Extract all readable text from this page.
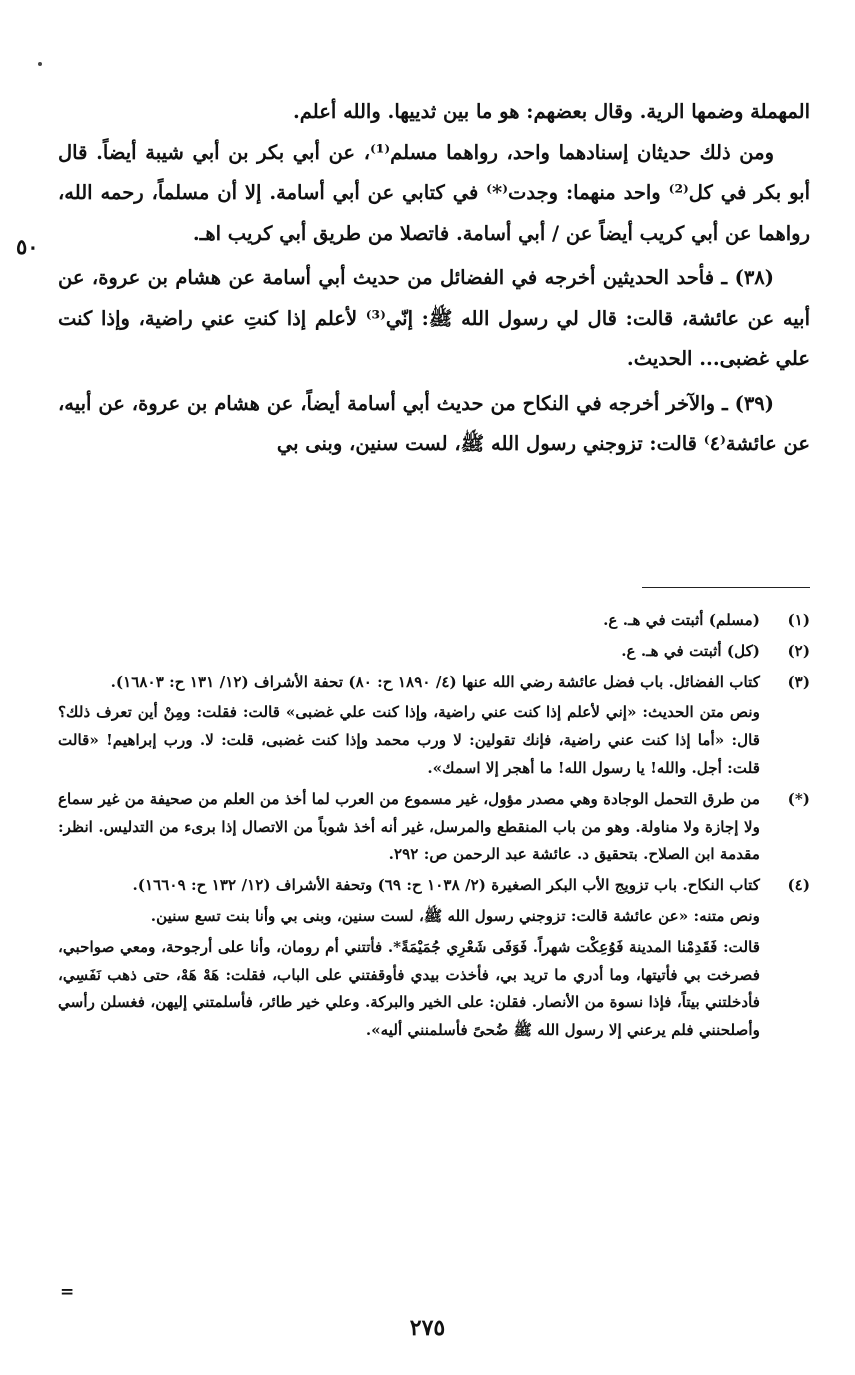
المهملة وضمها الرية. وقال بعضهم: هو ما بين ثدييها. والله أعلم.

ومن ذلك حديثان إسنادهما واحد، رواهما مسلم⁽¹⁾، عن أبي بكر بن أبي شيبة أيضاً. قال أبو بكر في كل⁽²⁾ واحد منهما: وجدت⁽*⁾ في كتابي عن أبي أسامة. إلا أن مسلماً، رحمه الله، رواهما عن أبي كريب أيضاً عن / أبي أسامة. فاتصلا من طريق أبي كريب اهـ.

(٣٨) ـ فأحد الحديثين أخرجه في الفضائل من حديث أبي أسامة عن هشام بن عروة، عن أبيه عن عائشة، قالت: قال لي رسول الله ﷺ: إنّي⁽³⁾ لأعلم إذا كنتِ عني راضية، وإذا كنت علي غضبى... الحديث.

(٣٩) ـ والآخر أخرجه في النكاح من حديث أبي أسامة أيضاً، عن هشام بن عروة، عن أبيه، عن عائشة⁽٤⁾ قالت: تزوجني رسول الله ﷺ، لست سنين، وبنى بي

٥٠
(١)
(مسلم) أثبتت في هـ. ع.
(٢)
(كل) أثبتت في هـ. ع.
(٣)
كتاب الفضائل. باب فضل عائشة رضي الله عنها (٤/ ١٨٩٠ ح: ٨٠) تحفة الأشراف (١٢/ ١٣١ ح: ١٦٨٠٣).
ونص متن الحديث: «إني لأعلم إذا كنت عني راضية، وإذا كنت علي غضبى» قالت: فقلت: ومِنْ أين تعرف ذلك؟ قال: «أما إذا كنت عني راضية، فإنك تقولين: لا ورب محمد وإذا كنت غضبى، قلت: لا. ورب إبراهيم! «قالت قلت: أجل. والله! يا رسول الله! ما أهجر إلا اسمك».
(*)
من طرق التحمل الوجادة وهي مصدر مؤول، غير مسموع من العرب لما أخذ من العلم من صحيفة من غير سماع ولا إجازة ولا مناولة. وهو من باب المنقطع والمرسل، غير أنه أخذ شوباً من الاتصال إذا برىء من التدليس. انظر: مقدمة ابن الصلاح. بتحقيق د. عائشة عبد الرحمن ص: ٢٩٢.
(٤)
كتاب النكاح. باب تزويج الأب البكر الصغيرة (٢/ ١٠٣٨ ح: ٦٩) وتحفة الأشراف (١٢/ ١٣٢ ح: ١٦٦٠٩).
ونص متنه: «عن عائشة قالت: تزوجني رسول الله ﷺ، لست سنين، وبنى بي وأنا بنت تسع سنين.
قالت: فَقَدِمْنا المدينة فَوُعِكْت شهراً. فَوَفَى شَعْرِي جُمَيْمَةً*. فأتتني أم رومان، وأنا على أرجوحة، ومعي صواحبي، فصرخت بي فأتيتها، وما أدري ما تريد بي، فأخذت بيدي فأوقفتني على الباب، فقلت: هَهْ هَهْ، حتى ذهب نَفَسِي، فأدخلتني بيتاً، فإذا نسوة من الأنصار. فقلن: على الخير والبركة. وعلي خير طائر، فأسلمتني إليهن، فغسلن رأسي وأصلحنني فلم يرعني إلا رسول الله ﷺ ضُحىً فأسلمنني أليه».
=
٢٧٥
